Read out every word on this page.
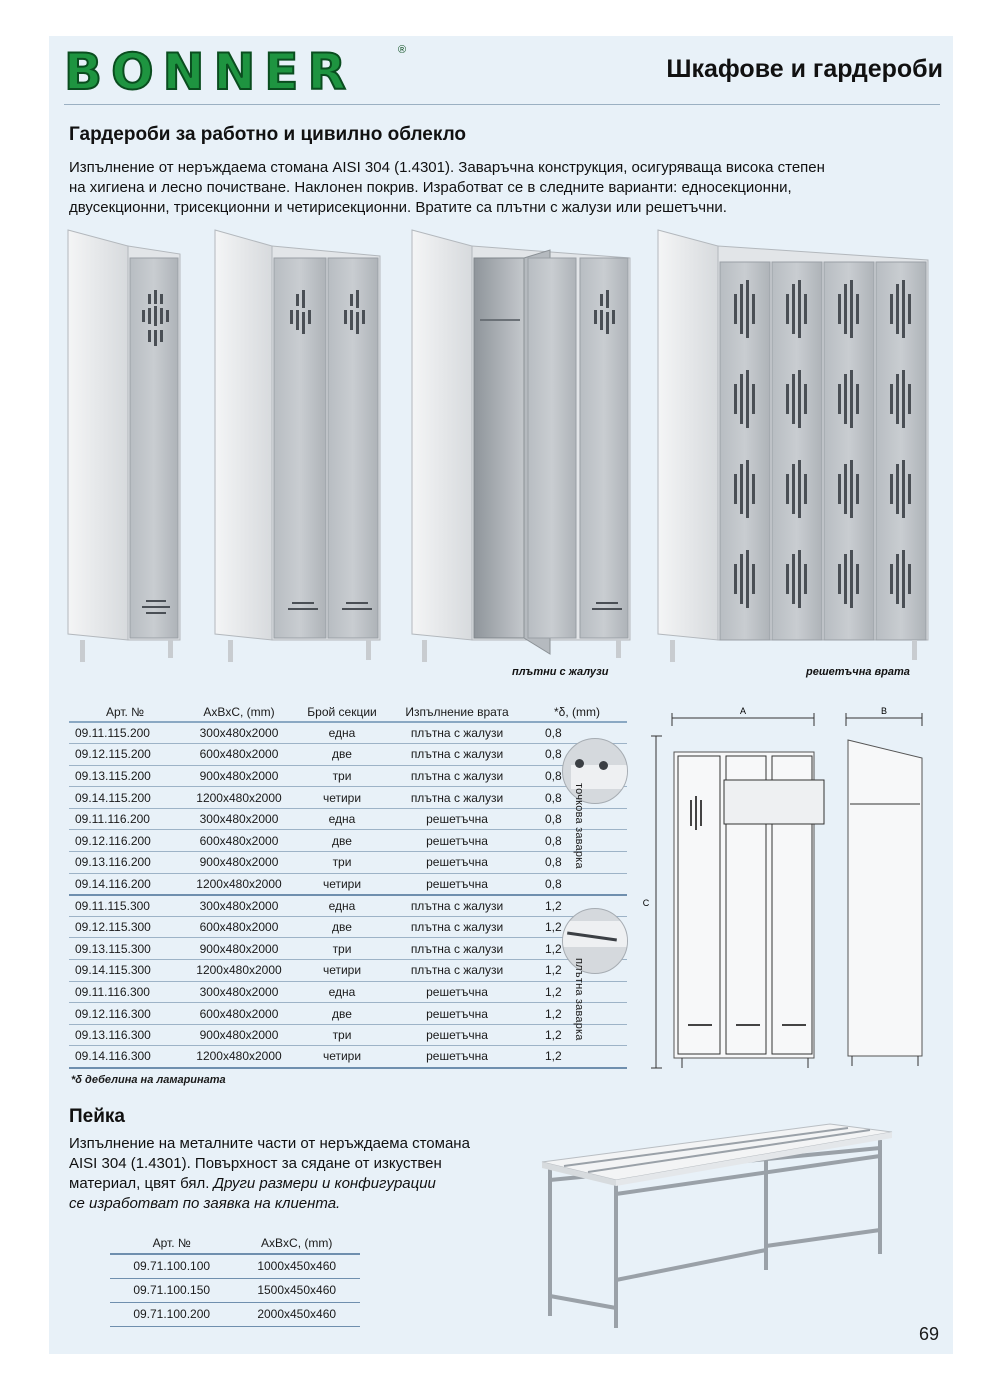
BONNER	®
Шкафове и гардероби
Гардероби за работно и цивилно облекло
Изпълнение от неръждаема стомана AISI 304 (1.4301). Заваръчна конструкция, осигуряваща висока степен
на хигиена и лесно почистване. Наклонен покрив. Изработват се в следните варианти: едносекционни,
двусекционни, трисекционни и четирисекционни. Вратите са плътни с жалузи или решетъчни.
плътни с жалузи	решетъчна врата
Арт. №	AxBxC, (mm)	Брой секции	Изпълнение врата	*δ, (mm)
09.11.115.200	300x480x2000	една	плътна с жалузи	0,8
09.12.115.200	600x480x2000	две	плътна с жалузи	0,8
09.13.115.200	900x480x2000	три	плътна с жалузи	0,8
09.14.115.200	1200x480x2000	четири	плътна с жалузи	0,8
09.11.116.200	300x480x2000	една	решетъчна	0,8
09.12.116.200	600x480x2000	две	решетъчна	0,8
09.13.116.200	900x480x2000	три	решетъчна	0,8
09.14.116.200	1200x480x2000	четири	решетъчна	0,8
09.11.115.300	300x480x2000	една	плътна с жалузи	1,2
09.12.115.300	600x480x2000	две	плътна с жалузи	1,2
09.13.115.300	900x480x2000	три	плътна с жалузи	1,2
09.14.115.300	1200x480x2000	четири	плътна с жалузи	1,2
09.11.116.300	300x480x2000	една	решетъчна	1,2
09.12.116.300	600x480x2000	две	решетъчна	1,2
09.13.116.300	900x480x2000	три	решетъчна	1,2
09.14.116.300	1200x480x2000	четири	решетъчна	1,2
*δ дебелина на ламарината
точкова заварка
плътна заварка
A	B
C
Пейка
Изпълнение на металните части от неръждаема стомана
AISI 304 (1.4301). Повърхност за сядане от изкуствен
материал, цвят бял. Други размери и конфигурации
се изработват по заявка на клиента.
Арт. №	AxBxC, (mm)
09.71.100.100	1000x450x460
09.71.100.150	1500x450x460
09.71.100.200	2000x450x460
69
